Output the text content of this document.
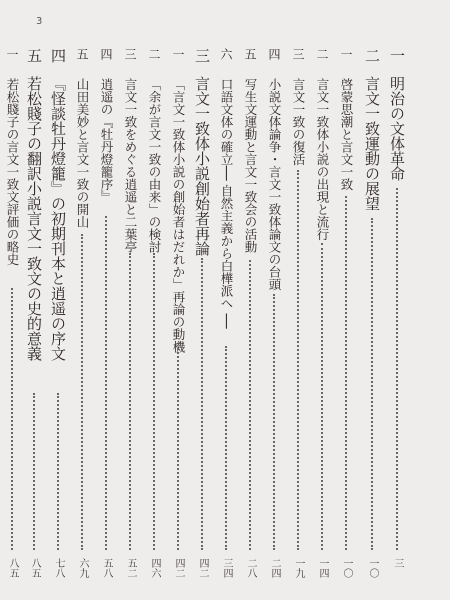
3
一
明治の文体革命
三
二
言文一致運動の展望
一〇
一
啓蒙思潮と言文一致
一〇
二
言文一致体小説の出現と流行
一四
三
言文一致の復活
一九
四
小説文体論争・言文一致体論文の台頭
二四
五
写生文運動と言文一致会の活動
二八
六
口語文体の確立── 自然主義から白樺派へ ──
三四
三
言文一致体小説創始者再論
四二
一
「言文一致体小説の創始者はだれか」再論の動機
四二
二
「余が言文一致の由来」の検討
四六
三
言文一致をめぐる逍遥と二葉亭
五二
四
逍遥の『牡丹燈籠序』
五八
五
山田美妙と言文一致の開山
六九
四
『怪談牡丹燈籠』の初期刊本と逍遥の序文
七八
五
若松賤子の翻訳小説言文一致文の史的意義
八五
一
若松賤子の言文一致文評価の略史
八五
